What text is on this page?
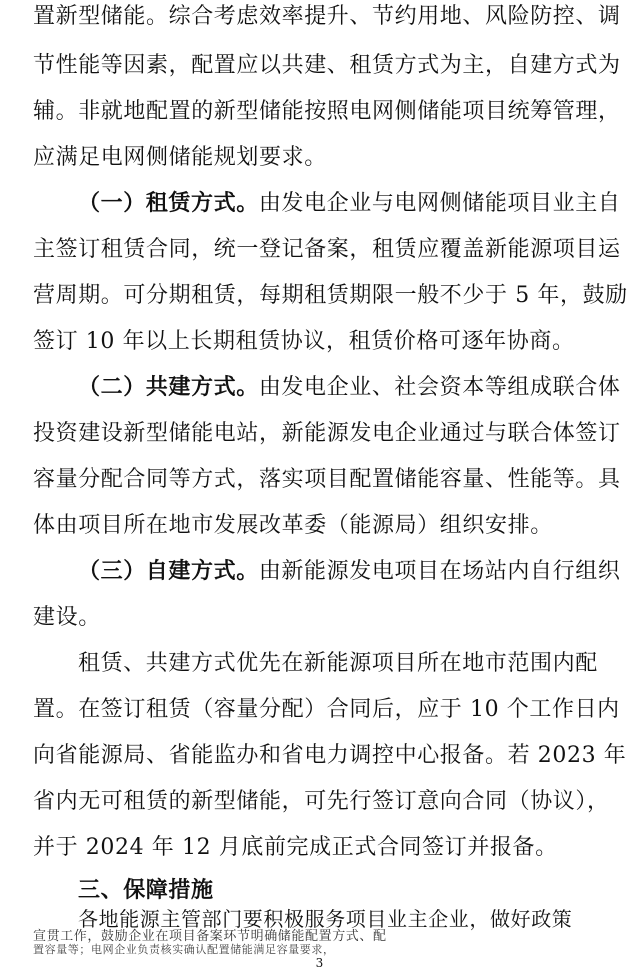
置新型储能。综合考虑效率提升、节约用地、风险防控、调
节性能等因素，配置应以共建、租赁方式为主，自建方式为
辅。非就地配置的新型储能按照电网侧储能项目统筹管理，
应满足电网侧储能规划要求。
（一）租赁方式。由发电企业与电网侧储能项目业主自
主签订租赁合同，统一登记备案，租赁应覆盖新能源项目运
营周期。可分期租赁，每期租赁期限一般不少于 5 年，鼓励
签订 10 年以上长期租赁协议，租赁价格可逐年协商。
（二）共建方式。由发电企业、社会资本等组成联合体
投资建设新型储能电站，新能源发电企业通过与联合体签订
容量分配合同等方式，落实项目配置储能容量、性能等。具
体由项目所在地市发展改革委（能源局）组织安排。
（三）自建方式。由新能源发电项目在场站内自行组织
建设。
租赁、共建方式优先在新能源项目所在地市范围内配
置。在签订租赁（容量分配）合同后，应于 10 个工作日内
向省能源局、省能监办和省电力调控中心报备。若 2023 年
省内无可租赁的新型储能，可先行签订意向合同（协议），
并于 2024 年 12 月底前完成正式合同签订并报备。
三、保障措施
各地能源主管部门要积极服务项目业主企业，做好政策
宣贯工作，鼓励企业在项目备案环节明确储能配置方式、配
置容量等；电网企业负责核实确认配置储能满足容量要求，
3
